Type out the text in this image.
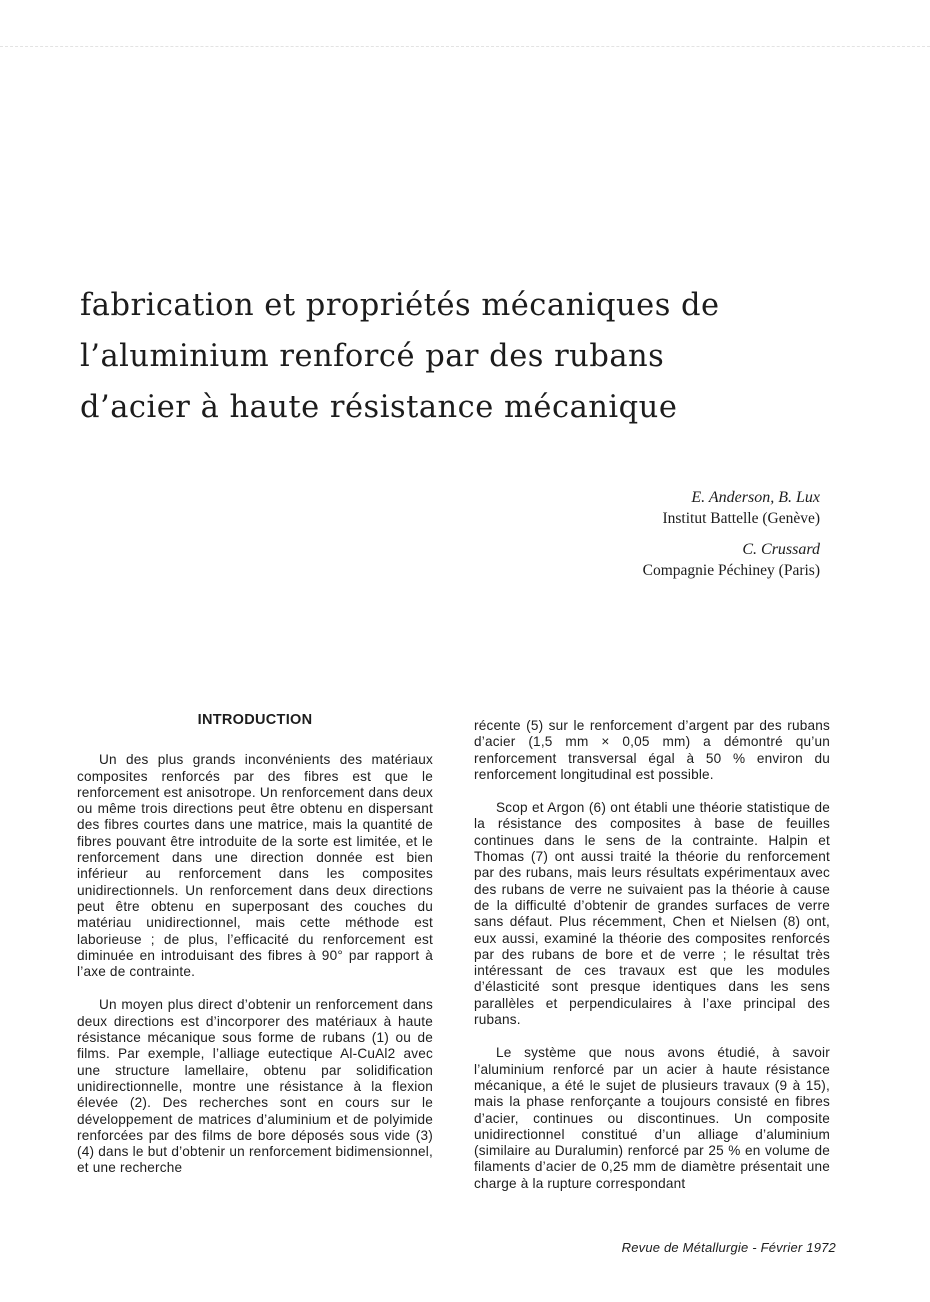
fabrication et propriétés mécaniques de
l’aluminium renforcé par des rubans
d’acier à haute résistance mécanique
E. Anderson, B. Lux
Institut Battelle (Genève)
C. Crussard
Compagnie Péchiney (Paris)
INTRODUCTION

Un des plus grands inconvénients des matériaux composites renforcés par des fibres est que le renforcement est anisotrope. Un renforcement dans deux ou même trois directions peut être obtenu en dispersant des fibres courtes dans une matrice, mais la quantité de fibres pouvant être introduite de la sorte est limitée, et le renforcement dans une direction donnée est bien inférieur au renforcement dans les composites unidirectionnels. Un renforcement dans deux directions peut être obtenu en superposant des couches du matériau unidirectionnel, mais cette méthode est laborieuse ; de plus, l’efficacité du renforcement est diminuée en introduisant des fibres à 90° par rapport à l’axe de contrainte.

Un moyen plus direct d’obtenir un renforcement dans deux directions est d’incorporer des matériaux à haute résistance mécanique sous forme de rubans (1) ou de films. Par exemple, l’alliage eutectique Al-CuAl2 avec une structure lamellaire, obtenu par solidification unidirectionnelle, montre une résistance à la flexion élevée (2). Des recherches sont en cours sur le développement de matrices d’aluminium et de polyimide renforcées par des films de bore déposés sous vide (3) (4) dans le but d’obtenir un renforcement bidimensionnel, et une recherche

récente (5) sur le renforcement d’argent par des rubans d’acier (1,5 mm × 0,05 mm) a démontré qu’un renforcement transversal égal à 50 % environ du renforcement longitudinal est possible.

Scop et Argon (6) ont établi une théorie statistique de la résistance des composites à base de feuilles continues dans le sens de la contrainte. Halpin et Thomas (7) ont aussi traité la théorie du renforcement par des rubans, mais leurs résultats expérimentaux avec des rubans de verre ne suivaient pas la théorie à cause de la difficulté d’obtenir de grandes surfaces de verre sans défaut. Plus récemment, Chen et Nielsen (8) ont, eux aussi, examiné la théorie des composites renforcés par des rubans de bore et de verre ; le résultat très intéressant de ces travaux est que les modules d’élasticité sont presque identiques dans les sens parallèles et perpendiculaires à l’axe principal des rubans.

Le système que nous avons étudié, à savoir l’aluminium renforcé par un acier à haute résistance mécanique, a été le sujet de plusieurs travaux (9 à 15), mais la phase renforçante a toujours consisté en fibres d’acier, continues ou discontinues. Un composite unidirectionnel constitué d’un alliage d’aluminium (similaire au Duralumin) renforcé par 25 % en volume de filaments d’acier de 0,25 mm de diamètre présentait une charge à la rupture correspondant

Revue de Métallurgie - Février 1972
